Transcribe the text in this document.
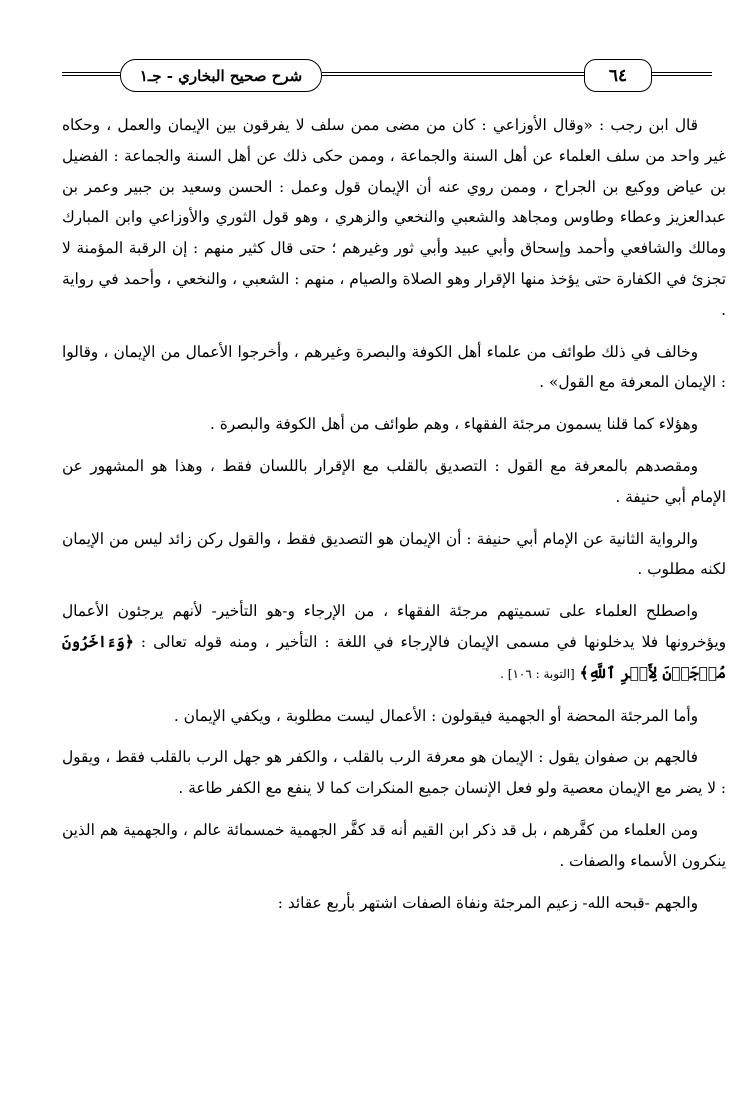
شرح صحيح البخاري - جـ١	٦٤

قال ابن رجب : «وقال الأوزاعي : كان من مضى ممن سلف لا يفرقون بين الإيمان والعمل ، وحكاه غير واحد من سلف العلماء عن أهل السنة والجماعة ، وممن حكى ذلك عن أهل السنة والجماعة : الفضيل بن عياض ووكيع بن الجراح ، وممن روي عنه أن الإيمان قول وعمل : الحسن وسعيد بن جبير وعمر بن عبدالعزيز وعطاء وطاوس ومجاهد والشعبي والنخعي والزهري ، وهو قول الثوري والأوزاعي وابن المبارك ومالك والشافعي وأحمد وإسحاق وأبي عبيد وأبي ثور وغيرهم ؛ حتى قال كثير منهم : إن الرقبة المؤمنة لا تجزئ في الكفارة حتى يؤخذ منها الإقرار وهو الصلاة والصيام ، منهم : الشعبي ، والنخعي ، وأحمد في رواية .

وخالف في ذلك طوائف من علماء أهل الكوفة والبصرة وغيرهم ، وأخرجوا الأعمال من الإيمان ، وقالوا : الإيمان المعرفة مع القول» .

وهؤلاء كما قلنا يسمون مرجئة الفقهاء ، وهم طوائف من أهل الكوفة والبصرة .

ومقصدهم بالمعرفة مع القول : التصديق بالقلب مع الإقرار باللسان فقط ، وهذا هو المشهور عن الإمام أبي حنيفة .

والرواية الثانية عن الإمام أبي حنيفة : أن الإيمان هو التصديق فقط ، والقول ركن زائد ليس من الإيمان لكنه مطلوب .

واصطلح العلماء على تسميتهم مرجئة الفقهاء ، من الإرجاء و-هو التأخير- لأنهم يرجئون الأعمال ويؤخرونها فلا يدخلونها في مسمى الإيمان فالإرجاء في اللغة : التأخير ، ومنه قوله تعالى : ﴿وَءَاخَرُونَ مُرۡجَوۡنَ لِأَمۡرِ ٱللَّهِ﴾ [التوبة : ١٠٦] .

وأما المرجئة المحضة أو الجهمية فيقولون : الأعمال ليست مطلوبة ، ويكفي الإيمان .

فالجهم بن صفوان يقول : الإيمان هو معرفة الرب بالقلب ، والكفر هو جهل الرب بالقلب فقط ، ويقول : لا يضر مع الإيمان معصية ولو فعل الإنسان جميع المنكرات كما لا ينفع مع الكفر طاعة .

ومن العلماء من كفَّرهم ، بل قد ذكر ابن القيم أنه قد كفَّر الجهمية خمسمائة عالم ، والجهمية هم الذين ينكرون الأسماء والصفات .

والجهم -قبحه الله- زعيم المرجئة ونفاة الصفات اشتهر بأربع عقائد :
